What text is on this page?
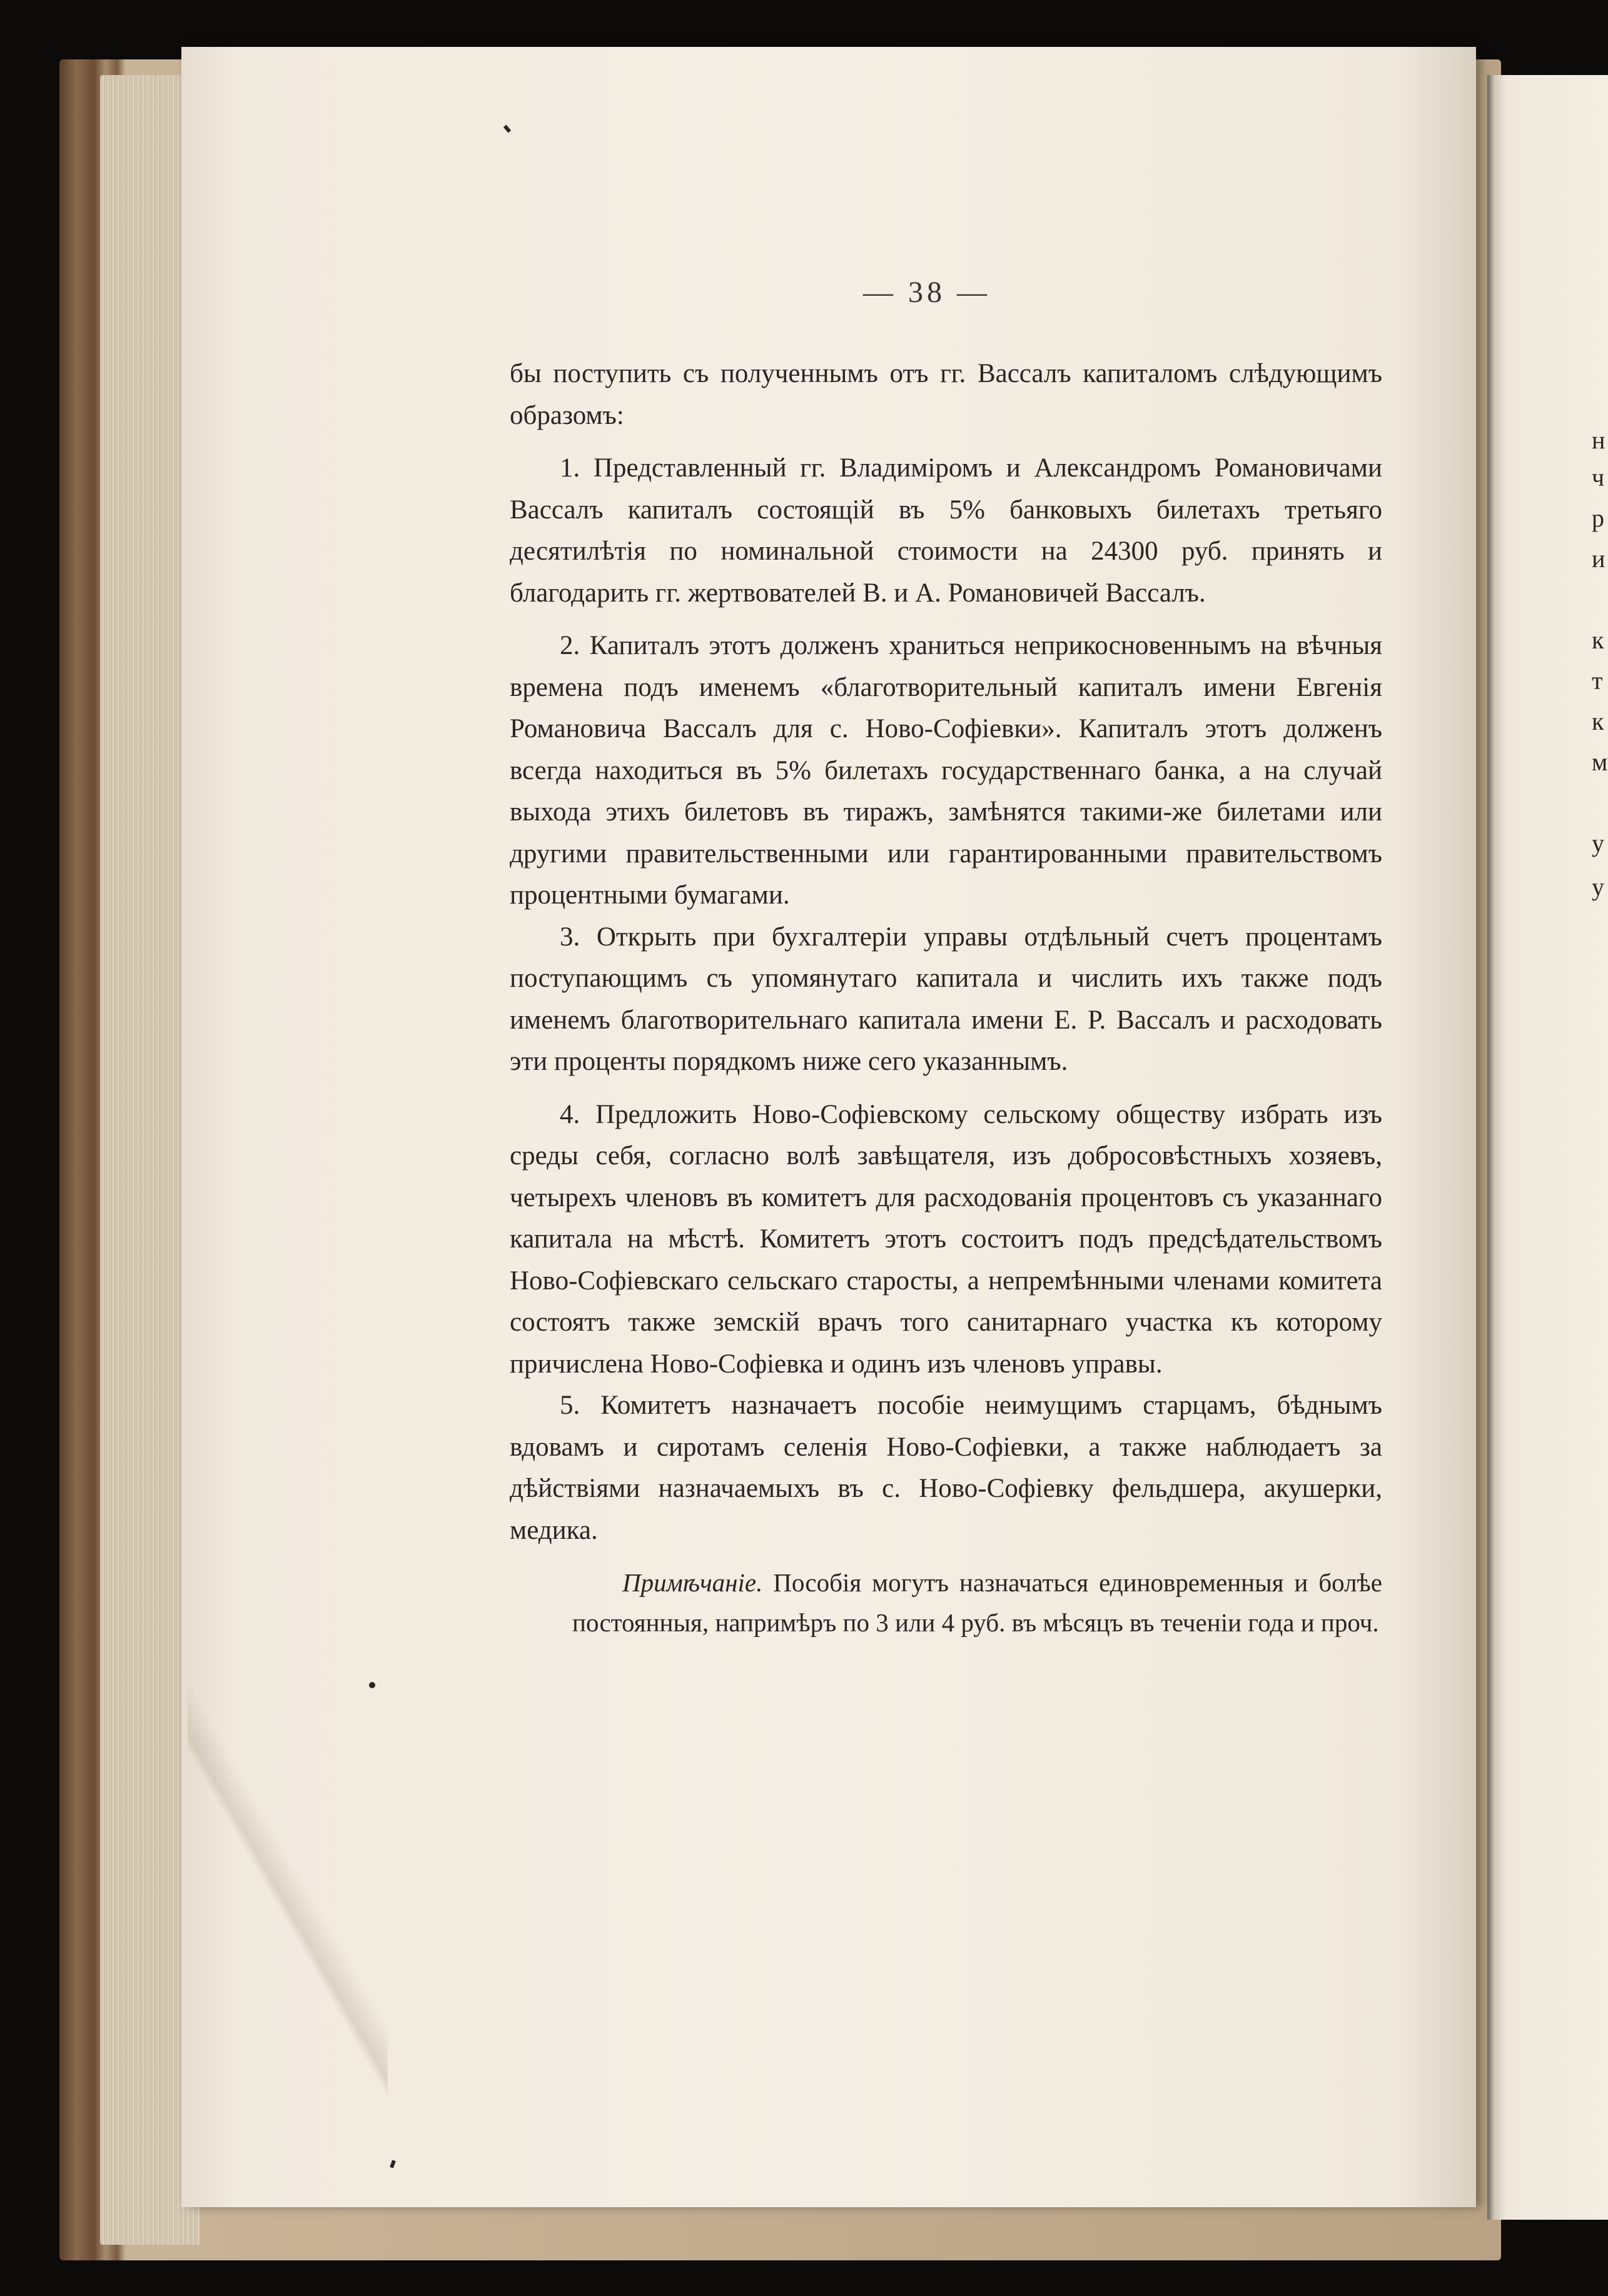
— 38 —

бы поступить съ полученнымъ отъ гг. Вассалъ капиталомъ слѣдующимъ образомъ:

1. Представленный гг. Владиміромъ и Александромъ Романовичами Вассалъ капиталъ состоящій въ 5% банковыхъ билетахъ третьяго десятилѣтія по номинальной стоимости на 24300 руб. принять и благодарить гг. жертвователей В. и А. Романовичей Вассалъ.

2. Капиталъ этотъ долженъ храниться неприкосновеннымъ на вѣчныя времена подъ именемъ «благотворительный капиталъ имени Евгенія Романовича Вассалъ для с. Ново-Софіевки». Капиталъ этотъ долженъ всегда находиться въ 5% билетахъ государственнаго банка, а на случай выхода этихъ билетовъ въ тиражъ, замѣнятся такими-же билетами или другими правительственными или гарантированными правительствомъ процентными бумагами.

3. Открыть при бухгалтеріи управы отдѣльный счетъ процентамъ поступающимъ съ упомянутаго капитала и числить ихъ также подъ именемъ благотворительнаго капитала имени Е. Р. Вассалъ и расходовать эти проценты порядкомъ ниже сего указаннымъ.

4. Предложить Ново-Софіевскому сельскому обществу избрать изъ среды себя, согласно волѣ завѣщателя, изъ добросовѣстныхъ хозяевъ, четырехъ членовъ въ комитетъ для расходованія процентовъ съ указаннаго капитала на мѣстѣ. Комитетъ этотъ состоитъ подъ предсѣдательствомъ Ново-Софіевскаго сельскаго старосты, а непремѣнными членами комитета состоятъ также земскій врачъ того санитарнаго участка къ которому причислена Ново-Софіевка и одинъ изъ членовъ управы.

5. Комитетъ назначаетъ пособіе неимущимъ старцамъ, бѣднымъ вдовамъ и сиротамъ селенія Ново-Софіевки, а также наблюдаетъ за дѣйствіями назначаемыхъ въ с. Ново-Софіевку фельдшера, акушерки, медика.

Примѣчаніе. Пособія могутъ назначаться единовременныя и болѣе постоянныя, напримѣръ по 3 или 4 руб. въ мѣсяцъ въ теченіи года и проч.

н
ч
р
и
к
т
к
м
у
у
